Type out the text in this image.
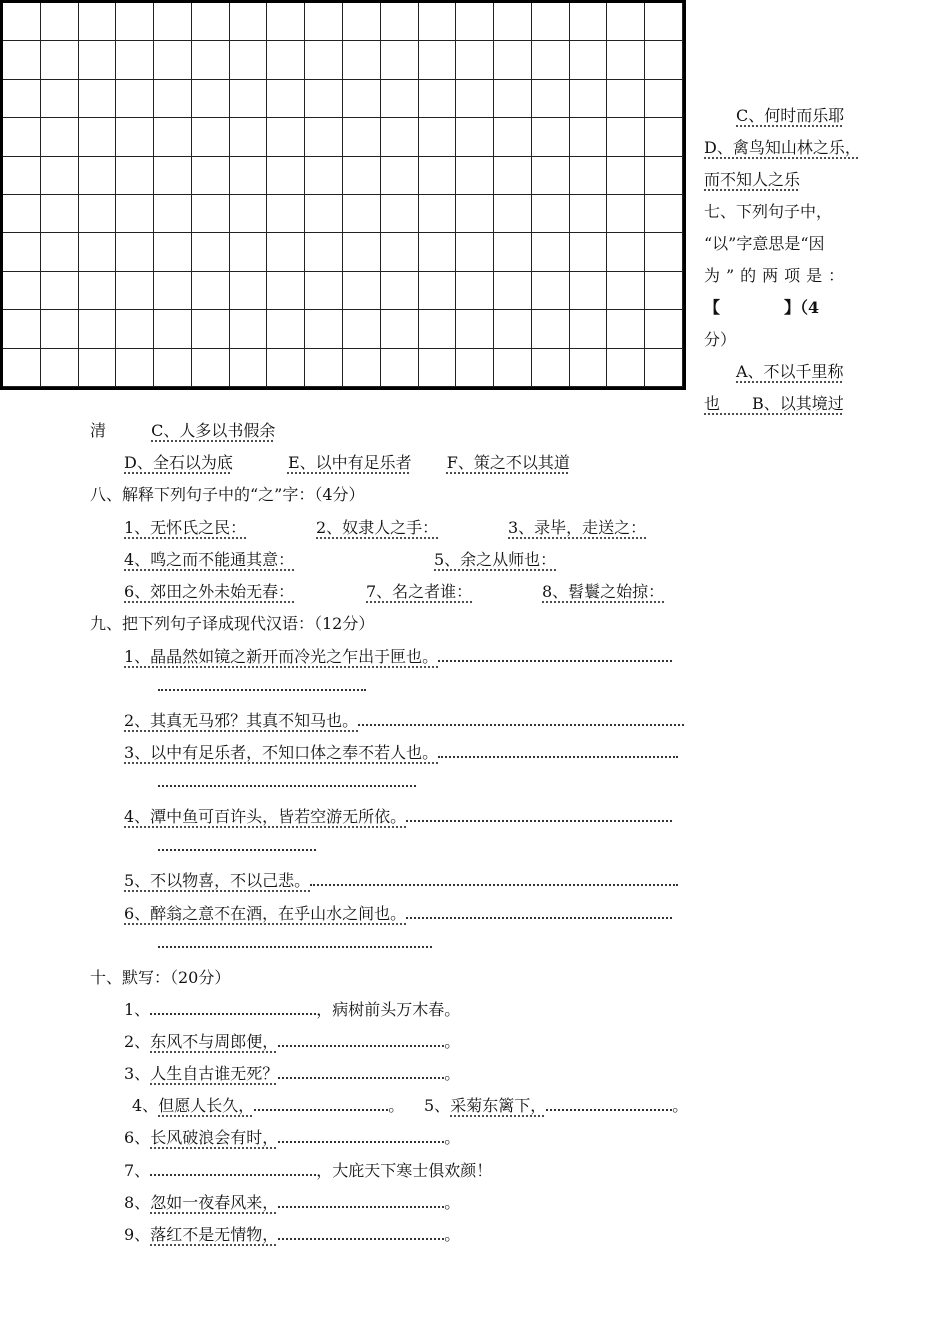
C、何时而乐耶
D、禽鸟知山林之乐，
而不知人之乐
七、下列句子中，
“以”字意思是“因
为”的两项是：
【　　　　】（4
分）
A、不以千里称
也　　B、以其境过
清	C、人多以书假余
D、全石以为底	E、以中有足乐者 F、策之不以其道
八、解释下列句子中的“之”字：（4分）
1、无怀氏之民：	2、奴隶人之手：	3、录毕，走送之：
4、鸣之而不能通其意：	5、余之从师也：
6、郊田之外未始无春：	7、名之者谁：	8、髫鬟之始掠：
九、把下列句子译成现代汉语：（12分）
1、晶晶然如镜之新开而冷光之乍出于匣也。
2、其真无马邪？其真不知马也。
3、以中有足乐者，不知口体之奉不若人也。
4、潭中鱼可百许头，皆若空游无所依。
5、不以物喜，不以己悲。
6、醉翁之意不在酒，在乎山水之间也。
十、默写：（20分）
1、	，病树前头万木春。
2、东风不与周郎便，	。
3、人生自古谁无死？	。
4、但愿人长久，	。 5、采菊东篱下，	。
6、长风破浪会有时，	。
7、	，大庇天下寒士俱欢颜！
8、忽如一夜春风来，	。
9、落红不是无情物，	。
